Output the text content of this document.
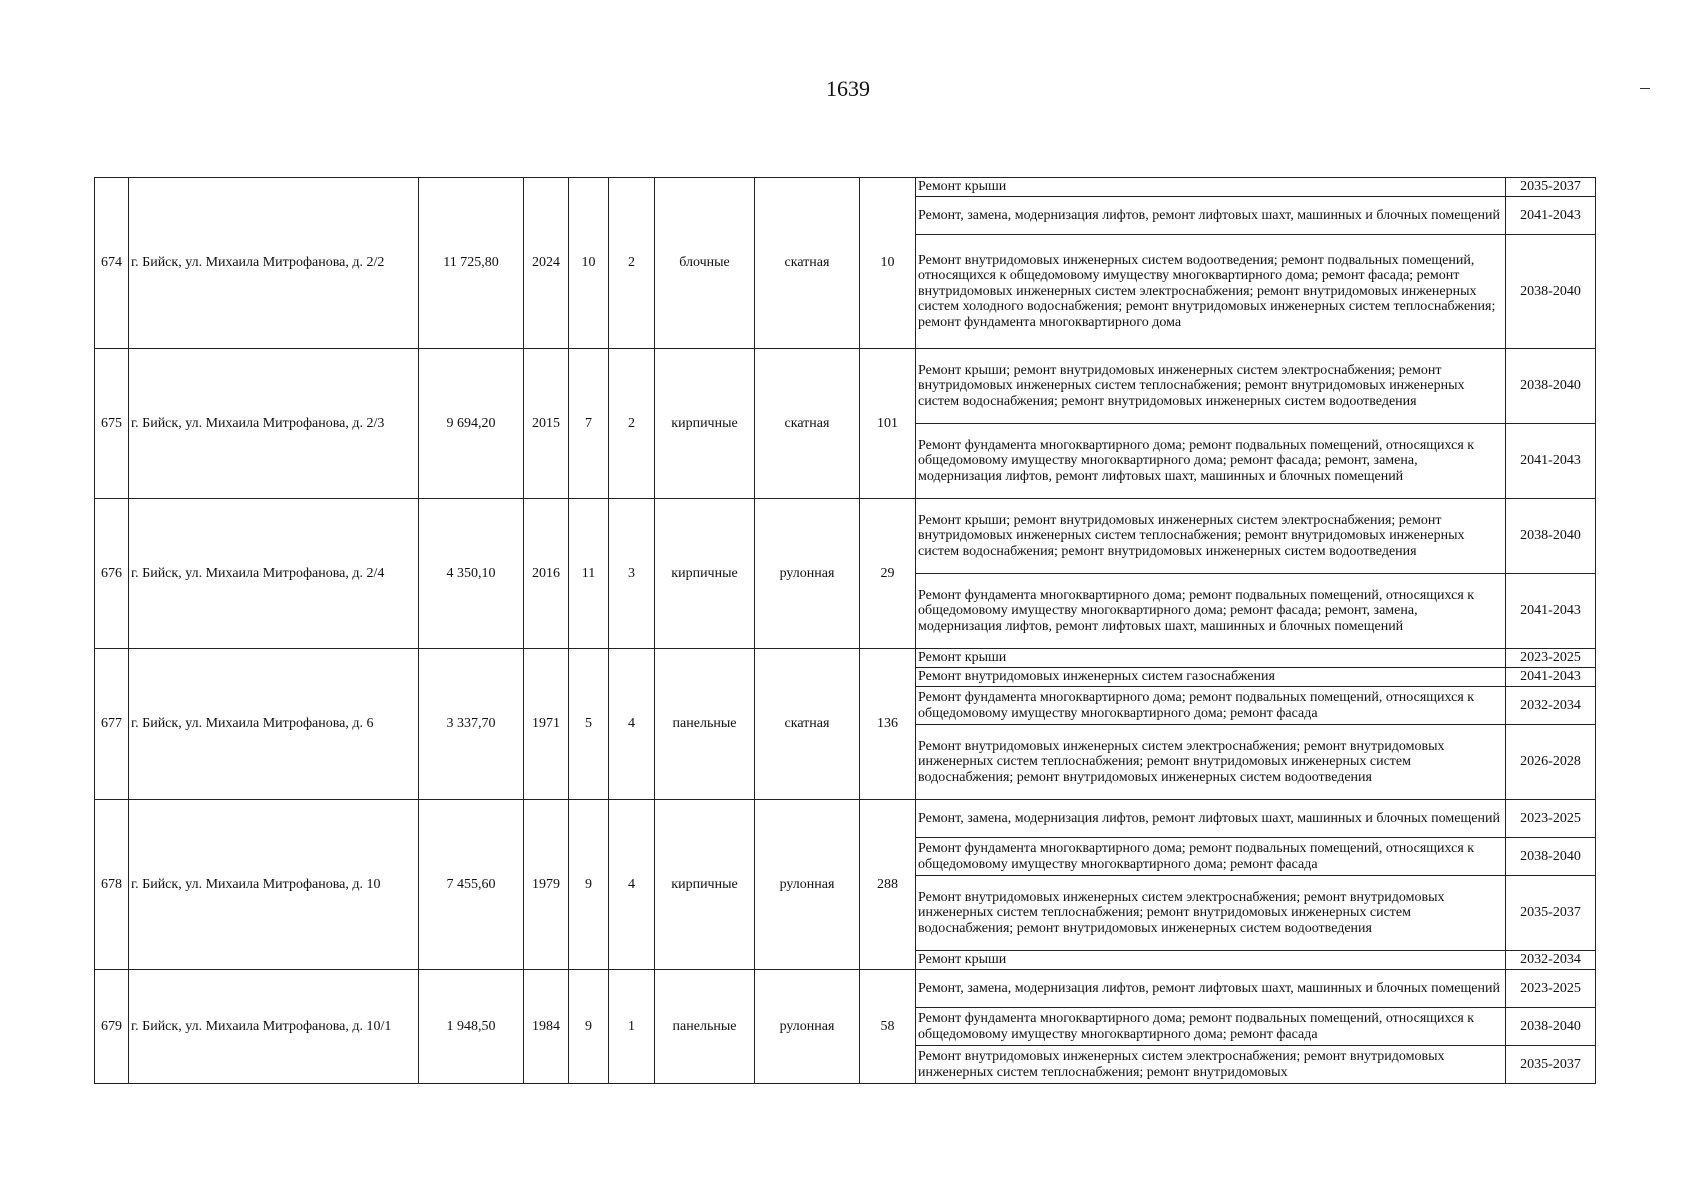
1639
674	г. Бийск, ул. Михаила Митрофанова, д. 2/2	11 725,80	2024	10	2	блочные	скатная	10	Ремонт крыши	2035-2037
									Ремонт, замена, модернизация лифтов, ремонт лифтовых шахт, машинных и блочных помещений	2041-2043
									Ремонт внутридомовых инженерных систем водоотведения; ремонт подвальных помещений, относящихся к общедомовому имуществу многоквартирного дома; ремонт фасада; ремонт внутридомовых инженерных систем электроснабжения; ремонт внутридомовых инженерных систем холодного водоснабжения; ремонт внутридомовых инженерных систем теплоснабжения; ремонт фундамента многоквартирного дома	2038-2040
675	г. Бийск, ул. Михаила Митрофанова, д. 2/3	9 694,20	2015	7	2	кирпичные	скатная	101	Ремонт крыши; ремонт внутридомовых инженерных систем электроснабжения; ремонт внутридомовых инженерных систем теплоснабжения; ремонт внутридомовых инженерных систем водоснабжения; ремонт внутридомовых инженерных систем водоотведения	2038-2040
									Ремонт фундамента многоквартирного дома; ремонт подвальных помещений, относящихся к общедомовому имуществу многоквартирного дома; ремонт фасада; ремонт, замена, модернизация лифтов, ремонт лифтовых шахт, машинных и блочных помещений	2041-2043
676	г. Бийск, ул. Михаила Митрофанова, д. 2/4	4 350,10	2016	11	3	кирпичные	рулонная	29	Ремонт крыши; ремонт внутридомовых инженерных систем электроснабжения; ремонт внутридомовых инженерных систем теплоснабжения; ремонт внутридомовых инженерных систем водоснабжения; ремонт внутридомовых инженерных систем водоотведения	2038-2040
									Ремонт фундамента многоквартирного дома; ремонт подвальных помещений, относящихся к общедомовому имуществу многоквартирного дома; ремонт фасада; ремонт, замена, модернизация лифтов, ремонт лифтовых шахт, машинных и блочных помещений	2041-2043
677	г. Бийск, ул. Михаила Митрофанова, д. 6	3 337,70	1971	5	4	панельные	скатная	136	Ремонт крыши	2023-2025
									Ремонт внутридомовых инженерных систем газоснабжения	2041-2043
									Ремонт фундамента многоквартирного дома; ремонт подвальных помещений, относящихся к общедомовому имуществу многоквартирного дома; ремонт фасада	2032-2034
									Ремонт внутридомовых инженерных систем электроснабжения; ремонт внутридомовых инженерных систем теплоснабжения; ремонт внутридомовых инженерных систем водоснабжения; ремонт внутридомовых инженерных систем водоотведения	2026-2028
678	г. Бийск, ул. Михаила Митрофанова, д. 10	7 455,60	1979	9	4	кирпичные	рулонная	288	Ремонт, замена, модернизация лифтов, ремонт лифтовых шахт, машинных и блочных помещений	2023-2025
									Ремонт фундамента многоквартирного дома; ремонт подвальных помещений, относящихся к общедомовому имуществу многоквартирного дома; ремонт фасада	2038-2040
									Ремонт внутридомовых инженерных систем электроснабжения; ремонт внутридомовых инженерных систем теплоснабжения; ремонт внутридомовых инженерных систем водоснабжения; ремонт внутридомовых инженерных систем водоотведения	2035-2037
									Ремонт крыши	2032-2034
679	г. Бийск, ул. Михаила Митрофанова, д. 10/1	1 948,50	1984	9	1	панельные	рулонная	58	Ремонт, замена, модернизация лифтов, ремонт лифтовых шахт, машинных и блочных помещений	2023-2025
									Ремонт фундамента многоквартирного дома; ремонт подвальных помещений, относящихся к общедомовому имуществу многоквартирного дома; ремонт фасада	2038-2040
									Ремонт внутридомовых инженерных систем электроснабжения; ремонт внутридомовых инженерных систем теплоснабжения; ремонт внутридомовых	2035-2037
